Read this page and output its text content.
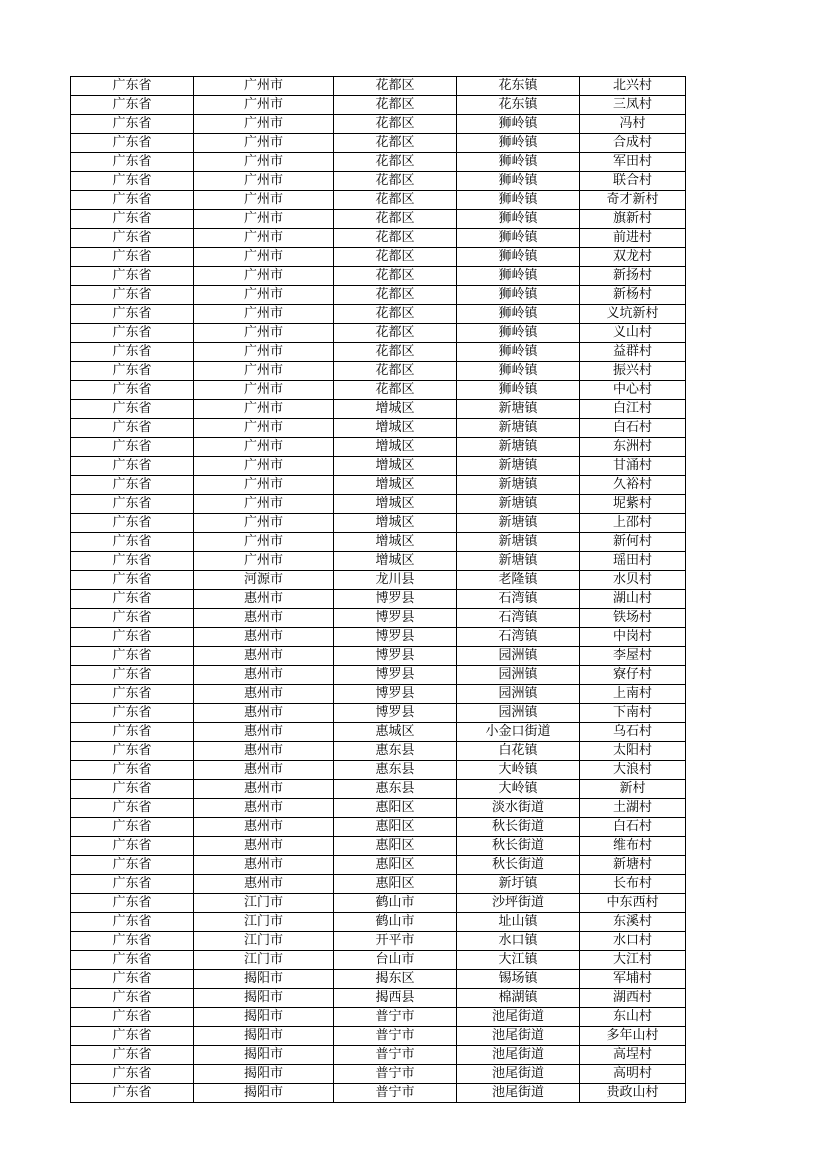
广东省	广州市	花都区	花东镇	北兴村
广东省	广州市	花都区	花东镇	三凤村
广东省	广州市	花都区	狮岭镇	冯村
广东省	广州市	花都区	狮岭镇	合成村
广东省	广州市	花都区	狮岭镇	军田村
广东省	广州市	花都区	狮岭镇	联合村
广东省	广州市	花都区	狮岭镇	奇才新村
广东省	广州市	花都区	狮岭镇	旗新村
广东省	广州市	花都区	狮岭镇	前进村
广东省	广州市	花都区	狮岭镇	双龙村
广东省	广州市	花都区	狮岭镇	新扬村
广东省	广州市	花都区	狮岭镇	新杨村
广东省	广州市	花都区	狮岭镇	义坑新村
广东省	广州市	花都区	狮岭镇	义山村
广东省	广州市	花都区	狮岭镇	益群村
广东省	广州市	花都区	狮岭镇	振兴村
广东省	广州市	花都区	狮岭镇	中心村
广东省	广州市	增城区	新塘镇	白江村
广东省	广州市	增城区	新塘镇	白石村
广东省	广州市	增城区	新塘镇	东洲村
广东省	广州市	增城区	新塘镇	甘涌村
广东省	广州市	增城区	新塘镇	久裕村
广东省	广州市	增城区	新塘镇	坭紫村
广东省	广州市	增城区	新塘镇	上邵村
广东省	广州市	增城区	新塘镇	新何村
广东省	广州市	增城区	新塘镇	瑶田村
广东省	河源市	龙川县	老隆镇	水贝村
广东省	惠州市	博罗县	石湾镇	湖山村
广东省	惠州市	博罗县	石湾镇	铁场村
广东省	惠州市	博罗县	石湾镇	中岗村
广东省	惠州市	博罗县	园洲镇	李屋村
广东省	惠州市	博罗县	园洲镇	寮仔村
广东省	惠州市	博罗县	园洲镇	上南村
广东省	惠州市	博罗县	园洲镇	下南村
广东省	惠州市	惠城区	小金口街道	乌石村
广东省	惠州市	惠东县	白花镇	太阳村
广东省	惠州市	惠东县	大岭镇	大浪村
广东省	惠州市	惠东县	大岭镇	新村
广东省	惠州市	惠阳区	淡水街道	土湖村
广东省	惠州市	惠阳区	秋长街道	白石村
广东省	惠州市	惠阳区	秋长街道	维布村
广东省	惠州市	惠阳区	秋长街道	新塘村
广东省	惠州市	惠阳区	新圩镇	长布村
广东省	江门市	鹤山市	沙坪街道	中东西村
广东省	江门市	鹤山市	址山镇	东溪村
广东省	江门市	开平市	水口镇	水口村
广东省	江门市	台山市	大江镇	大江村
广东省	揭阳市	揭东区	锡场镇	军埔村
广东省	揭阳市	揭西县	棉湖镇	湖西村
广东省	揭阳市	普宁市	池尾街道	东山村
广东省	揭阳市	普宁市	池尾街道	多年山村
广东省	揭阳市	普宁市	池尾街道	高埕村
广东省	揭阳市	普宁市	池尾街道	高明村
广东省	揭阳市	普宁市	池尾街道	贵政山村
